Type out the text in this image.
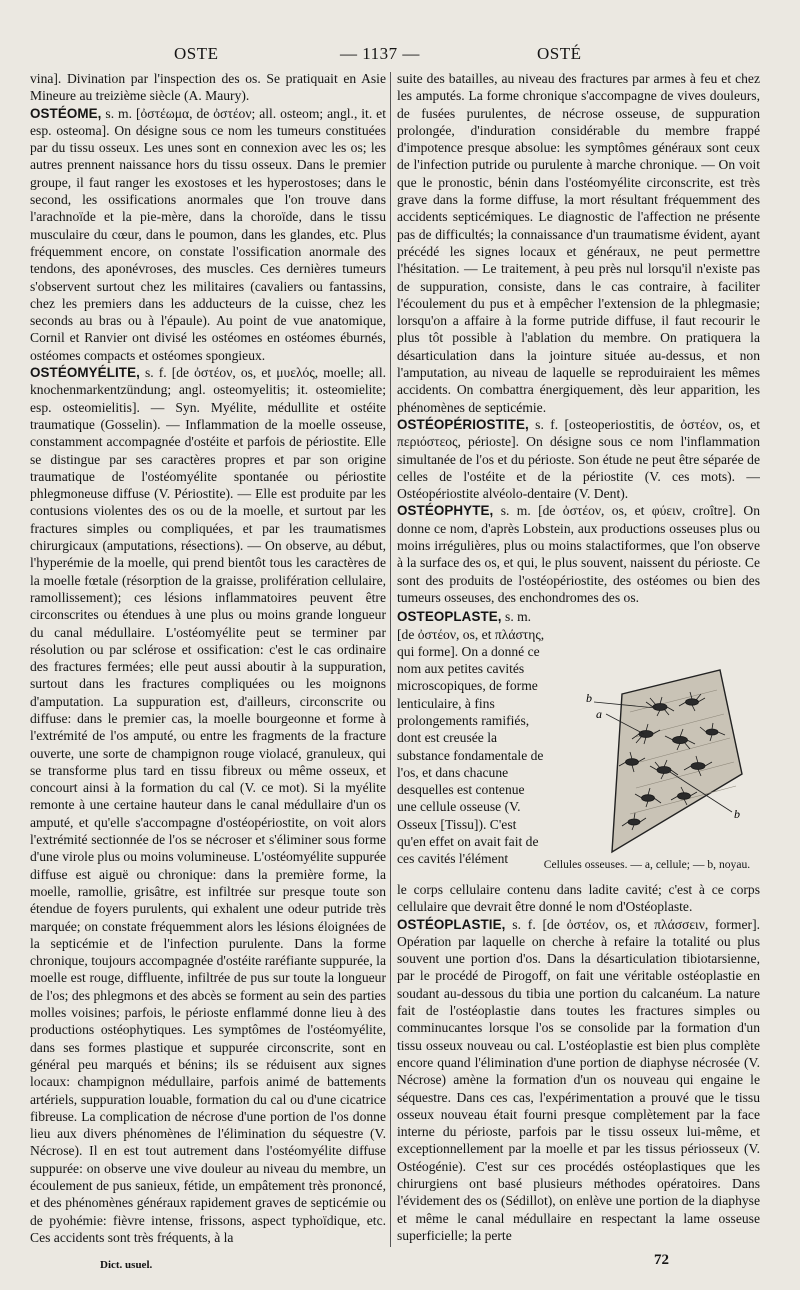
OSTE	— 1137 —	OSTÉ

vina]. Divination par l'inspection des os. Se pratiquait en Asie Mineure au treizième siècle (A. Maury).

OSTÉOME, s. m. [ὀστέωμα, de ὀστέον; all. osteom; angl., it. et esp. osteoma]. On désigne sous ce nom les tumeurs constituées par du tissu osseux. Les unes sont en connexion avec les os; les autres prennent naissance hors du tissu osseux. Dans le premier groupe, il faut ranger les exostoses et les hyperostoses; dans le second, les ossifications anormales que l'on trouve dans l'arachnoïde et la pie-mère, dans la choroïde, dans le tissu musculaire du cœur, dans le poumon, dans les glandes, etc. Plus fréquemment encore, on constate l'ossification anormale des tendons, des aponévroses, des muscles. Ces dernières tumeurs s'observent surtout chez les militaires (cavaliers ou fantassins, chez les premiers dans les adducteurs de la cuisse, chez les seconds au bras ou à l'épaule). Au point de vue anatomique, Cornil et Ranvier ont divisé les ostéomes en ostéomes éburnés, ostéomes compacts et ostéomes spongieux.

OSTÉOMYÉLITE, s. f. [de ὀστέον, os, et μυελός, moelle; all. knochenmarkentzündung; angl. osteomyelitis; it. osteomielite; esp. osteomielitis]. — Syn. Myélite, médullite et ostéite traumatique (Gosselin). — Inflammation de la moelle osseuse, constamment accompagnée d'ostéite et parfois de périostite. Elle se distingue par ses caractères propres et par son origine traumatique de l'ostéomyélite spontanée ou périostite phlegmoneuse diffuse (V. Périostite). — Elle est produite par les contusions violentes des os ou de la moelle, et surtout par les fractures simples ou compliquées, et par les traumatismes chirurgicaux (amputations, résections). — On observe, au début, l'hyperémie de la moelle, qui prend bientôt tous les caractères de la moelle fœtale (résorption de la graisse, prolifération cellulaire, ramollissement); ces lésions inflammatoires peuvent être circonscrites ou étendues à une plus ou moins grande longueur du canal médullaire. L'ostéomyélite peut se terminer par résolution ou par sclérose et ossification: c'est le cas ordinaire des fractures fermées; elle peut aussi aboutir à la suppuration, surtout dans les fractures compliquées ou les moignons d'amputation. La suppuration est, d'ailleurs, circonscrite ou diffuse: dans le premier cas, la moelle bourgeonne et forme à l'extrémité de l'os amputé, ou entre les fragments de la fracture ouverte, une sorte de champignon rouge violacé, granuleux, qui se transforme plus tard en tissu fibreux ou même osseux, et concourt ainsi à la formation du cal (V. ce mot). Si la myélite remonte à une certaine hauteur dans le canal médullaire d'un os amputé, et qu'elle s'accompagne d'ostéopériostite, on voit alors l'extrémité sectionnée de l'os se nécroser et s'éliminer sous forme d'une virole plus ou moins volumineuse. L'ostéomyélite suppurée diffuse est aiguë ou chronique: dans la première forme, la moelle, ramollie, grisâtre, est infiltrée sur presque toute son étendue de foyers purulents, qui exhalent une odeur putride très marquée; on constate fréquemment alors les lésions éloignées de la septicémie et de l'infection purulente. Dans la forme chronique, toujours accompagnée d'ostéite raréfiante suppurée, la moelle est rouge, diffluente, infiltrée de pus sur toute la longueur de l'os; des phlegmons et des abcès se forment au sein des parties molles voisines; parfois, le périoste enflammé donne lieu à des productions ostéophytiques. Les symptômes de l'ostéomyélite, dans ses formes plastique et suppurée circonscrite, sont en général peu marqués et bénins; ils se réduisent aux signes locaux: champignon médullaire, parfois animé de battements artériels, suppuration louable, formation du cal ou d'une cicatrice fibreuse. La complication de nécrose d'une portion de l'os donne lieu aux divers phénomènes de l'élimination du séquestre (V. Nécrose). Il en est tout autrement dans l'ostéomyélite diffuse suppurée: on observe une vive douleur au niveau du membre, un écoulement de pus sanieux, fétide, un empâtement très prononcé, et des phénomènes généraux rapidement graves de septicémie ou de pyohémie: fièvre intense, frissons, aspect typhoïdique, etc. Ces accidents sont très fréquents, à la

suite des batailles, au niveau des fractures par armes à feu et chez les amputés. La forme chronique s'accompagne de vives douleurs, de fusées purulentes, de nécrose osseuse, de suppuration prolongée, d'induration considérable du membre frappé d'impotence presque absolue: les symptômes généraux sont ceux de l'infection putride ou purulente à marche chronique. — On voit que le pronostic, bénin dans l'ostéomyélite circonscrite, est très grave dans la forme diffuse, la mort résultant fréquemment des accidents septicémiques. Le diagnostic de l'affection ne présente pas de difficultés; la connaissance d'un traumatisme évident, ayant précédé les signes locaux et généraux, ne peut permettre l'hésitation. — Le traitement, à peu près nul lorsqu'il n'existe pas de suppuration, consiste, dans le cas contraire, à faciliter l'écoulement du pus et à empêcher l'extension de la phlegmasie; lorsqu'on a affaire à la forme putride diffuse, il faut recourir le plus tôt possible à l'ablation du membre. On pratiquera la désarticulation dans la jointure située au-dessus, et non l'amputation, au niveau de laquelle se reproduiraient les mêmes accidents. On combattra énergiquement, dès leur apparition, les phénomènes de septicémie.

OSTÉOPÉRIOSTITE, s. f. [osteoperiostitis, de ὀστέον, os, et περιόστεος, périoste]. On désigne sous ce nom l'inflammation simultanée de l'os et du périoste. Son étude ne peut être séparée de celles de l'ostéite et de la périostite (V. ces mots). — Ostéopériostite alvéolo-dentaire (V. Dent).

OSTÉOPHYTE, s. m. [de ὀστέον, os, et φύειν, croître]. On donne ce nom, d'après Lobstein, aux productions osseuses plus ou moins irrégulières, plus ou moins stalactiformes, que l'on observe à la surface des os, et qui, le plus souvent, naissent du périoste. Ce sont des produits de l'ostéopériostite, des ostéomes ou bien des tumeurs osseuses, des enchondromes des os.

OSTEOPLASTE, s. m. [de ὀστέον, os, et πλάστης, qui forme]. On a donné ce nom aux petites cavités microscopiques, de forme lenticulaire, à fins prolongements ramifiés, dont est creusée la substance fondamentale de l'os, et dans chacune desquelles est contenue une cellule osseuse (V. Osseux [Tissu]). C'est qu'en effet on avait fait de ces cavités l'élément

b
a
b
Cellules osseuses. — a, cellule; — b, noyau.

le corps cellulaire contenu dans ladite cavité; c'est à ce corps cellulaire que devrait être donné le nom d'Ostéoplaste.

OSTÉOPLASTIE, s. f. [de ὀστέον, os, et πλάσσειν, former]. Opération par laquelle on cherche à refaire la totalité ou plus souvent une portion d'os. Dans la désarticulation tibiotarsienne, par le procédé de Pirogoff, on fait une véritable ostéoplastie en soudant au-dessous du tibia une portion du calcanéum. La nature fait de l'ostéoplastie dans toutes les fractures simples ou comminucantes lorsque l'os se consolide par la formation d'un tissu osseux nouveau ou cal. L'ostéoplastie est bien plus complète encore quand l'élimination d'une portion de diaphyse nécrosée (V. Nécrose) amène la formation d'un os nouveau qui engaine le séquestre. Dans ces cas, l'expérimentation a prouvé que le tissu osseux nouveau était fourni presque complètement par la face interne du périoste, parfois par le tissu osseux lui-même, et exceptionnellement par la moelle et par les tissus périosseux (V. Ostéogénie). C'est sur ces procédés ostéoplastiques que les chirurgiens ont basé plusieurs méthodes opératoires. Dans l'évidement des os (Sédillot), on enlève une portion de la diaphyse et même le canal médullaire en respectant la lame osseuse superficielle; la perte

Dict. usuel.	72
